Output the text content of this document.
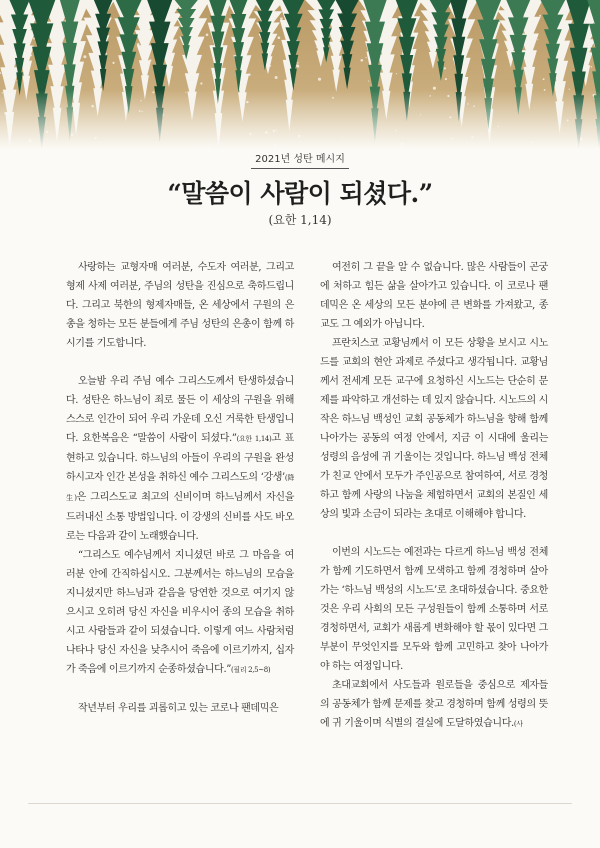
2021년 성탄 메시지
“말씀이 사람이 되셨다.”
(요한 1,14)

사랑하는 교형자매 여러분, 수도자 여러분, 그리고 형제 사제 여러분, 주님의 성탄을 진심으로 축하드립니다. 그리고 북한의 형제자매들, 온 세상에서 구원의 은총을 청하는 모든 분들에게 주님 성탄의 은총이 함께 하시기를 기도합니다.

오늘밤 우리 주님 예수 그리스도께서 탄생하셨습니다. 성탄은 하느님이 죄로 물든 이 세상의 구원을 위해 스스로 인간이 되어 우리 가운데 오신 거룩한 탄생입니다. 요한복음은 “말씀이 사람이 되셨다.”(요한 1,14)고 표현하고 있습니다. 하느님의 아들이 우리의 구원을 완성하시고자 인간 본성을 취하신 예수 그리스도의 ‘강생’(降生)은 그리스도교 최고의 신비이며 하느님께서 자신을 드러내신 소통 방법입니다. 이 강생의 신비를 사도 바오로는 다음과 같이 노래했습니다.

“그리스도 예수님께서 지니셨던 바로 그 마음을 여러분 안에 간직하십시오. 그분께서는 하느님의 모습을 지니셨지만 하느님과 같음을 당연한 것으로 여기지 않으시고 오히려 당신 자신을 비우시어 종의 모습을 취하시고 사람들과 같이 되셨습니다. 이렇게 여느 사람처럼 나타나 당신 자신을 낮추시어 죽음에 이르기까지, 십자가 죽음에 이르기까지 순종하셨습니다.”(필리 2,5~8)

작년부터 우리를 괴롭히고 있는 코로나 팬데믹은

여전히 그 끝을 알 수 없습니다. 많은 사람들이 곤궁에 처하고 힘든 삶을 살아가고 있습니다. 이 코로나 팬데믹은 온 세상의 모든 분야에 큰 변화를 가져왔고, 종교도 그 예외가 아닙니다.

프란치스코 교황님께서 이 모든 상황을 보시고 시노드를 교회의 현안 과제로 주셨다고 생각됩니다. 교황님께서 전세계 모든 교구에 요청하신 시노드는 단순히 문제를 파악하고 개선하는 데 있지 않습니다. 시노드의 시작은 하느님 백성인 교회 공동체가 하느님을 향해 함께 나아가는 공동의 여정 안에서, 지금 이 시대에 울리는 성령의 음성에 귀 기울이는 것입니다. 하느님 백성 전체가 친교 안에서 모두가 주인공으로 참여하여, 서로 경청하고 함께 사랑의 나눔을 체험하면서 교회의 본질인 세상의 빛과 소금이 되라는 초대로 이해해야 합니다.

이번의 시노드는 예전과는 다르게 하느님 백성 전체가 함께 기도하면서 함께 모색하고 함께 경청하며 살아가는 ‘하느님 백성의 시노드’로 초대하셨습니다. 중요한 것은 우리 사회의 모든 구성원들이 함께 소통하며 서로 경청하면서, 교회가 새롭게 변화해야 할 몫이 있다면 그 부분이 무엇인지를 모두와 함께 고민하고 찾아 나아가야 하는 여정입니다.

초대교회에서 사도들과 원로들을 중심으로 제자들의 공동체가 함께 문제를 찾고 경청하며 함께 성령의 뜻에 귀 기울이며 식별의 결실에 도달하였습니다.(사
